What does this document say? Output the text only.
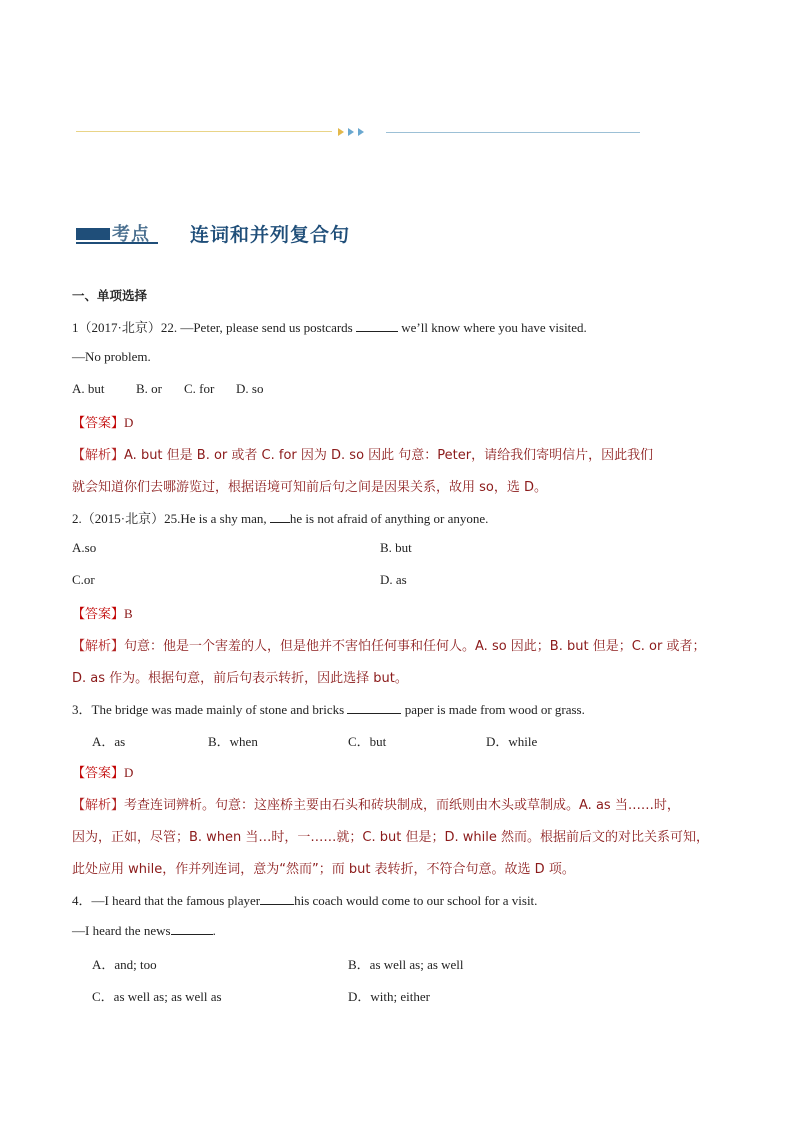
考点 连词和并列复合句
一、单项选择
1（2017·北京）22. —Peter, please send us postcards	we’ll know where you have visited.
—No problem.
A. but B. or C. for D. so
【答案】D
【解析】A. but 但是 B. or 或者 C. for 因为 D. so 因此 句意：Peter，请给我们寄明信片，因此我们
就会知道你们去哪游览过，根据语境可知前后句之间是因果关系，故用 so，选 D。
2.（2015·北京）25.He is a shy man, he is not afraid of anything or anyone.
A.so	B. but
C.or	D. as
【答案】B
【解析】句意：他是一个害羞的人，但是他并不害怕任何事和任何人。A. so 因此；B. but 但是；C. or 或者；
D. as 作为。根据句意，前后句表示转折，因此选择 but。
3．The bridge was made mainly of stone and bricks	paper is made from wood or grass.
A．as	B．when	C．but	D．while
【答案】D
【解析】考查连词辨析。句意：这座桥主要由石头和砖块制成，而纸则由木头或草制成。A. as 当……时，
因为，正如，尽管；B. when 当…时，一……就；C. but 但是；D. while 然而。根据前后文的对比关系可知，
此处应用 while，作并列连词，意为“然而”；而 but 表转折，不符合句意。故选 D 项。
4．—I heard that the famous player	his coach would come to our school for a visit.
—I heard the news	.
A．and; too	B．as well as; as well
C．as well as; as well as	D．with; either
